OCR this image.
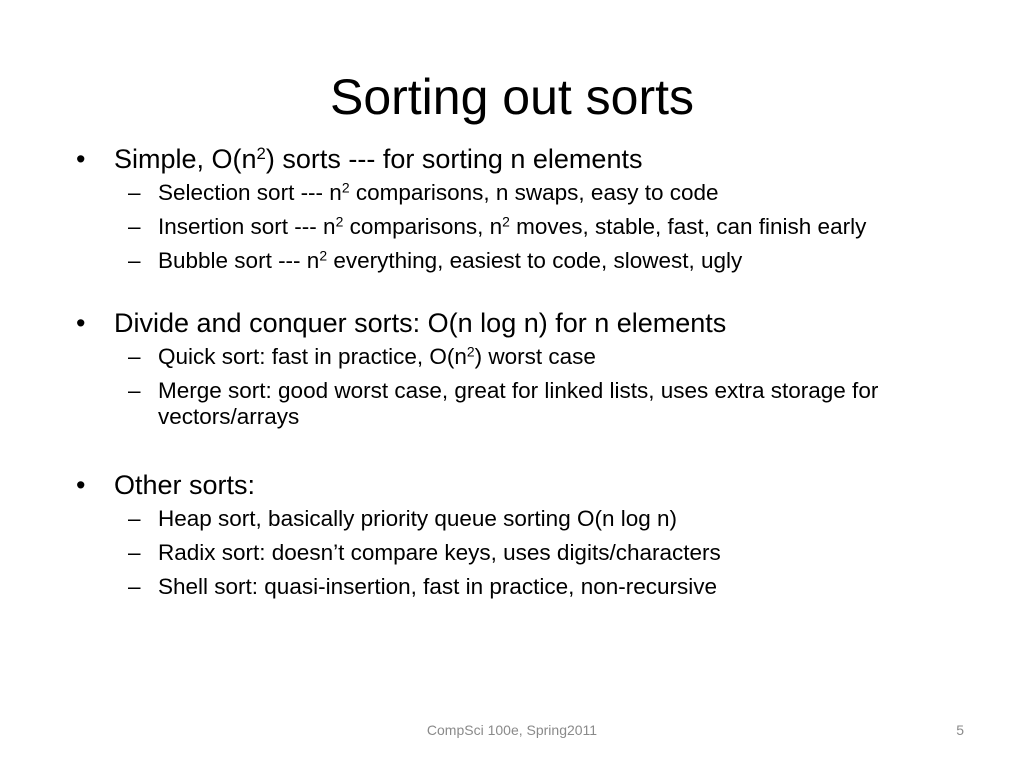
Sorting out sorts
• Simple, $O(n^2)$ sorts --- for sorting n elements
– Selection sort --- $n^2$ comparisons, n swaps, easy to code
– Insertion sort --- $n^2$ comparisons, $n^2$ moves, stable, fast, can finish early
– Bubble sort --- $n^2$ everything, easiest to code, slowest, ugly
• Divide and conquer sorts: O(n log n) for n elements
– Quick sort: fast in practice, $O(n^2)$ worst case
– Merge sort: good worst case, great for linked lists, uses extra storage for vectors/arrays
• Other sorts:
– Heap sort, basically priority queue sorting O(n log n)
– Radix sort: doesn’t compare keys, uses digits/characters
– Shell sort: quasi-insertion, fast in practice, non-recursive
CompSci 100e, Spring2011	5
